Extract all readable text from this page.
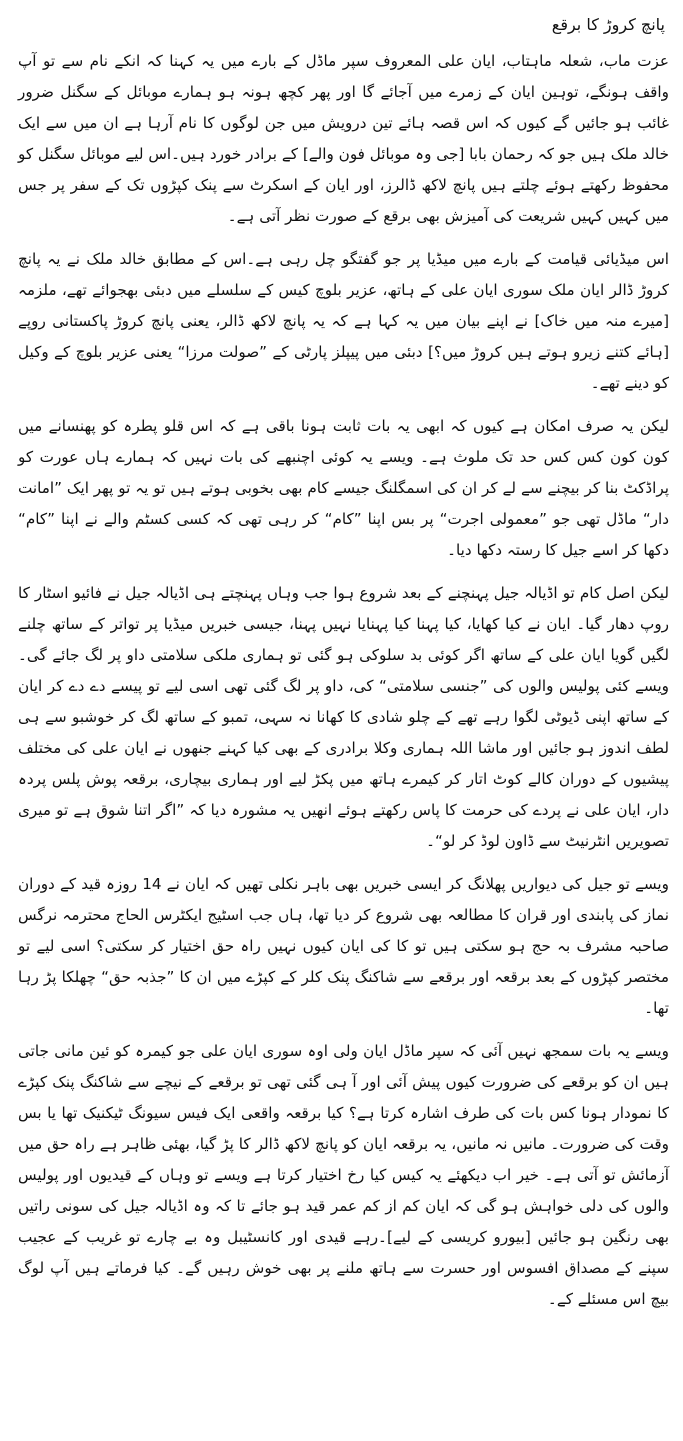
پانچ کروڑ کا برقع

عزت ماب، شعلہ ماہتاب، ایان علی المعروف سپر ماڈل کے بارے میں یہ کہنا کہ انکے نام سے تو آپ واقف ہونگے، توہین ایان کے زمرے میں آجائے گا اور پھر کچھ ہونہ ہو ہمارے موبائل کے سگنل ضرور غائب ہو جائیں گے کیوں کہ اس قصہ ہائے تین درویش میں جن لوگوں کا نام آرہا ہے ان میں سے ایک خالد ملک ہیں جو کہ رحمان بابا [جی وہ موبائل فون والے] کے برادر خورد ہیں۔اس لیے موبائل سگنل کو محفوظ رکھتے ہوئے چلتے ہیں پانچ لاکھ ڈالرز، اور ایان کے اسکرٹ سے پنک کپڑوں تک کے سفر پر جس میں کہیں کہیں شریعت کی آمیزش بھی برقع کے صورت نظر آتی ہے۔

اس میڈیائی قیامت کے بارے میں میڈیا پر جو گفتگو چل رہی ہے۔اس کے مطابق خالد ملک نے یہ پانچ کروڑ ڈالر ایان ملک سوری ایان علی کے ہاتھ، عزیر بلوچ کیس کے سلسلے میں دبئی بھجوائے تھے، ملزمہ [میرے منہ میں خاک] نے اپنے بیان میں یہ کہا ہے کہ یہ پانچ لاکھ ڈالر، یعنی پانچ کروڑ پاکستانی روپے [ہائے کتنے زیرو ہوتے ہیں کروڑ میں؟] دبئی میں پیپلز پارٹی کے ”صولت مرزا“ یعنی عزیر بلوچ کے وکیل کو دینے تھے۔

لیکن یہ صرف امکان ہے کیوں کہ ابھی یہ بات ثابت ہونا باقی ہے کہ اس قلو پطرہ کو پھنسانے میں کون کون کس کس حد تک ملوث ہے۔ ویسے یہ کوئی اچنبھے کی بات نہیں کہ ہمارے ہاں عورت کو پراڈکٹ بنا کر بیچنے سے لے کر ان کی اسمگلنگ جیسے کام بھی بخوبی ہوتے ہیں تو یہ تو پھر ایک ”امانت دار“ ماڈل تھی جو ”معمولی اجرت“ پر بس اپنا ”کام“ کر رہی تھی کہ کسی کسٹم والے نے اپنا ”کام“ دکھا کر اسے جیل کا رستہ دکھا دیا۔

لیکن اصل کام تو اڈیالہ جیل پہنچنے کے بعد شروع ہوا جب وہاں پہنچتے ہی اڈیالہ جیل نے فائیو اسٹار کا روپ دھار گیا۔ ایان نے کیا کھایا، کیا پہنا کیا پہنایا نہیں پہنا، جیسی خبریں میڈیا پر تواتر کے ساتھ چلنے لگیں گویا ایان علی کے ساتھ اگر کوئی بد سلوکی ہو گئی تو ہماری ملکی سلامتی داو پر لگ جائے گی۔ ویسے کئی پولیس والوں کی ”جنسی سلامتی“ کی، داو پر لگ گئی تھی اسی لیے تو پیسے دے دے کر ایان کے ساتھ اپنی ڈیوٹی لگوا رہے تھے کے چلو شادی کا کھانا نہ سہی، تمبو کے ساتھ لگ کر خوشبو سے ہی لطف اندوز ہو جائیں اور ماشا اللہ ہماری وکلا برادری کے بھی کیا کہنے جنھوں نے ایان علی کی مختلف پیشیوں کے دوران کالے کوٹ اتار کر کیمرے ہاتھ میں پکڑ لیے اور ہماری بیچاری، برقعہ پوش پلس پردہ دار، ایان علی نے پردے کی حرمت کا پاس رکھتے ہوئے انھیں یہ مشورہ دیا کہ ”اگر اتنا شوق ہے تو میری تصویریں انٹرنیٹ سے ڈاون لوڈ کر لو“۔

ویسے تو جیل کی دیواریں پھلانگ کر ایسی خبریں بھی باہر نکلی تھیں کہ ایان نے 14 روزہ قید کے دوران نماز کی پابندی اور قران کا مطالعہ بھی شروع کر دیا تھا، ہاں جب اسٹیج ایکٹرس الحاج محترمہ نرگس صاحبہ مشرف بہ حج ہو سکتی ہیں تو کا کی ایان کیوں نہیں راہ حق اختیار کر سکتی؟ اسی لیے تو مختصر کپڑوں کے بعد برقعہ اور برقعے سے شاکنگ پنک کلر کے کپڑے میں ان کا ”جذبہ حق“ چھلکا پڑ رہا تھا۔

ویسے یہ بات سمجھ نہیں آئی کہ سپر ماڈل ایان ولی اوہ سوری ایان علی جو کیمرہ کو ئین مانی جاتی ہیں ان کو برقعے کی ضرورت کیوں پیش آئی اور آ ہی گئی تھی تو برقعے کے نیچے سے شاکنگ پنک کپڑے کا نمودار ہونا کس بات کی طرف اشارہ کرتا ہے؟ کیا برقعہ واقعی ایک فیس سیونگ ٹیکنیک تھا یا بس وقت کی ضرورت۔ مانیں نہ مانیں، یہ برقعہ ایان کو پانچ لاکھ ڈالر کا پڑ گیا، بھئی ظاہر ہے راہ حق میں آزمائش تو آتی ہے۔ خیر اب دیکھئے یہ کیس کیا رخ اختیار کرتا ہے ویسے تو وہاں کے قیدیوں اور پولیس والوں کی دلی خواہش ہو گی کہ ایان کم از کم عمر قید ہو جائے تا کہ وہ اڈیالہ جیل کی سونی راتیں بھی رنگین ہو جائیں [بیورو کریسی کے لیے]۔رہے قیدی اور کانسٹیبل وہ بے چارے تو غریب کے عجیب سپنے کے مصداق افسوس اور حسرت سے ہاتھ ملنے پر بھی خوش رہیں گے۔ کیا فرماتے ہیں آپ لوگ بیچ اس مسئلے کے۔
